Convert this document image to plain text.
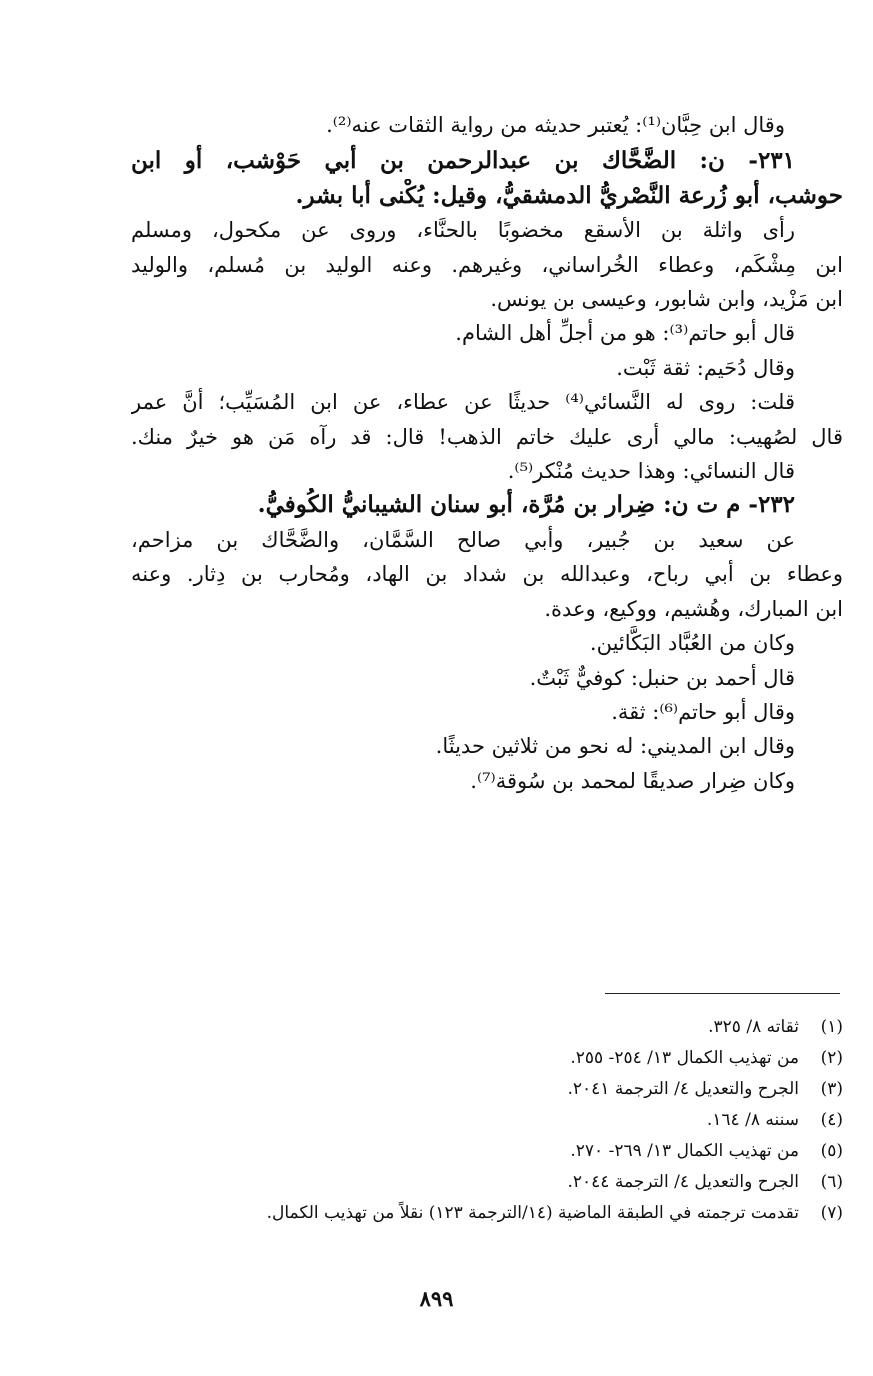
وقال ابن حِبَّان⁽¹⁾: يُعتبر حديثه من رواية الثقات عنه⁽²⁾.
٢٣١- ن: الضَّحَّاك بن عبدالرحمن بن أبي حَوْشب، أو ابن
حوشب، أبو زُرعة النَّصْريُّ الدمشقيُّ، وقيل: يُكْنى أبا بشر.
رأى واثلة بن الأسقع مخضوبًا بالحنَّاء، وروى عن مكحول، ومسلم
ابن مِشْكَم، وعطاء الخُراساني، وغيرهم. وعنه الوليد بن مُسلم، والوليد
ابن مَزْيد، وابن شابور، وعيسى بن يونس.
قال أبو حاتم⁽³⁾: هو من أجلِّ أهل الشام.
وقال دُحَيم: ثقة ثَبْت.
قلت: روى له النَّسائي⁽⁴⁾ حديثًا عن عطاء، عن ابن المُسَيِّب؛ أنَّ عمر
قال لصُهيب: مالي أرى عليك خاتم الذهب! قال: قد رآه مَن هو خيرٌ منك.
قال النسائي: وهذا حديث مُنْكر⁽⁵⁾.
٢٣٢- م ت ن: ضِرار بن مُرَّة، أبو سنان الشيبانيُّ الكُوفيُّ.
عن سعيد بن جُبير، وأبي صالح السَّمَّان، والضَّحَّاك بن مزاحم،
وعطاء بن أبي رباح، وعبدالله بن شداد بن الهاد، ومُحارب بن دِثار. وعنه
ابن المبارك، وهُشيم، ووكيع، وعدة.
وكان من العُبَّاد البَكَّائين.
قال أحمد بن حنبل: كوفيٌّ ثَبْتٌ.
وقال أبو حاتم⁽⁶⁾: ثقة.
وقال ابن المديني: له نحو من ثلاثين حديثًا.
وكان ضِرار صديقًا لمحمد بن سُوقة⁽⁷⁾.
(١)ثقاته ٨/ ٣٢٥.
(٢)من تهذيب الكمال ١٣/ ٢٥٤- ٢٥٥.
(٣)الجرح والتعديل ٤/ الترجمة ٢٠٤١.
(٤)سننه ٨/ ١٦٤.
(٥)من تهذيب الكمال ١٣/ ٢٦٩- ٢٧٠.
(٦)الجرح والتعديل ٤/ الترجمة ٢٠٤٤.
(٧)تقدمت ترجمته في الطبقة الماضية (١٤/الترجمة ١٢٣) نقلاً من تهذيب الكمال.
٨٩٩
